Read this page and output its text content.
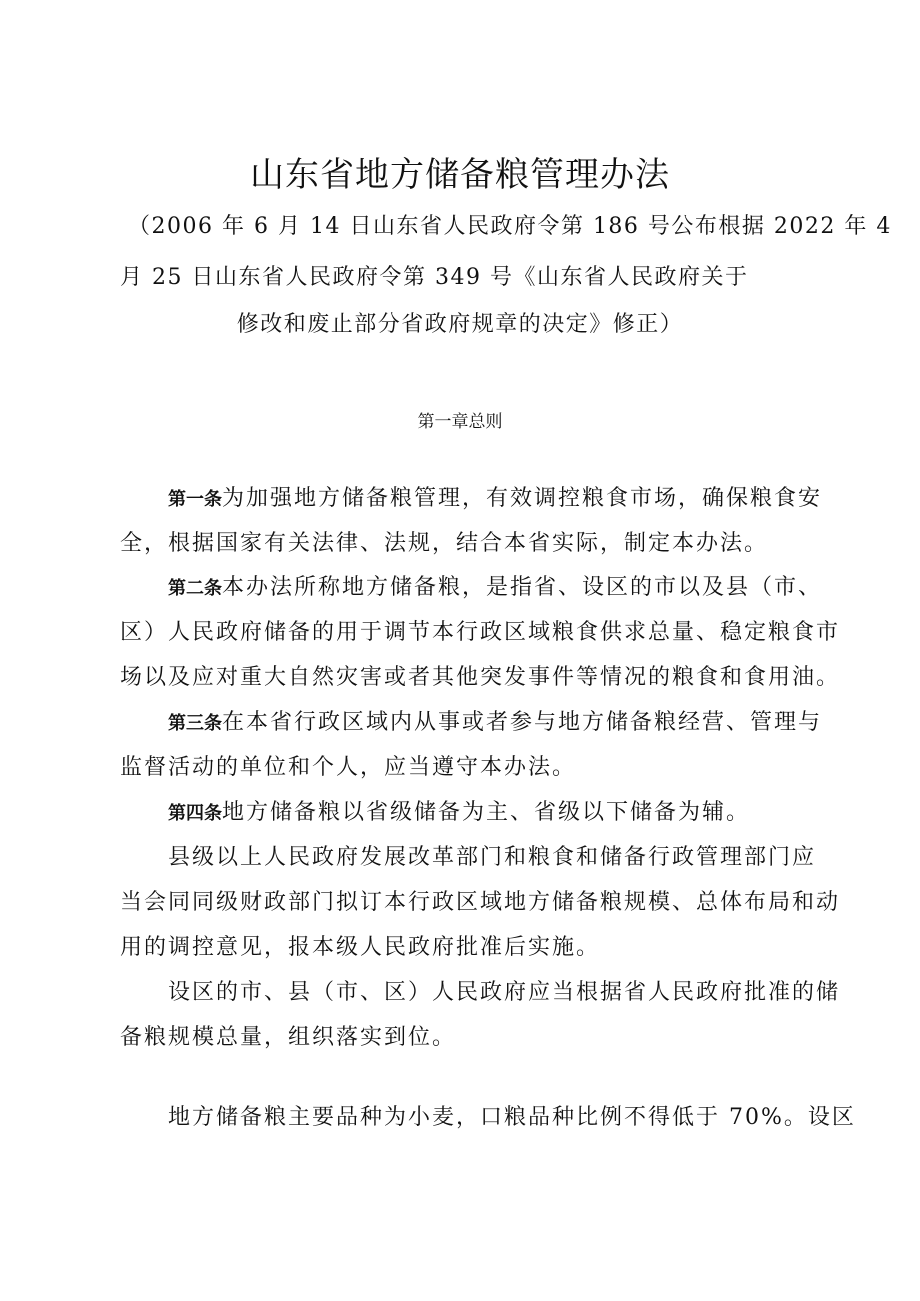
山东省地方储备粮管理办法
（2006 年 6 月 14 日山东省人民政府令第 186 号公布根据 2022 年 4
月 25 日山东省人民政府令第 349 号《山东省人民政府关于
修改和废止部分省政府规章的决定》修正）
第一章总则
第一条为加强地方储备粮管理，有效调控粮食市场，确保粮食安
全，根据国家有关法律、法规，结合本省实际，制定本办法。
第二条本办法所称地方储备粮，是指省、设区的市以及县（市、
区）人民政府储备的用于调节本行政区域粮食供求总量、稳定粮食市
场以及应对重大自然灾害或者其他突发事件等情况的粮食和食用油。
第三条在本省行政区域内从事或者参与地方储备粮经营、管理与
监督活动的单位和个人，应当遵守本办法。
第四条地方储备粮以省级储备为主、省级以下储备为辅。
县级以上人民政府发展改革部门和粮食和储备行政管理部门应
当会同同级财政部门拟订本行政区域地方储备粮规模、总体布局和动
用的调控意见，报本级人民政府批准后实施。
设区的市、县（市、区）人民政府应当根据省人民政府批准的储
备粮规模总量，组织落实到位。
地方储备粮主要品种为小麦，口粮品种比例不得低于 70%。设区
